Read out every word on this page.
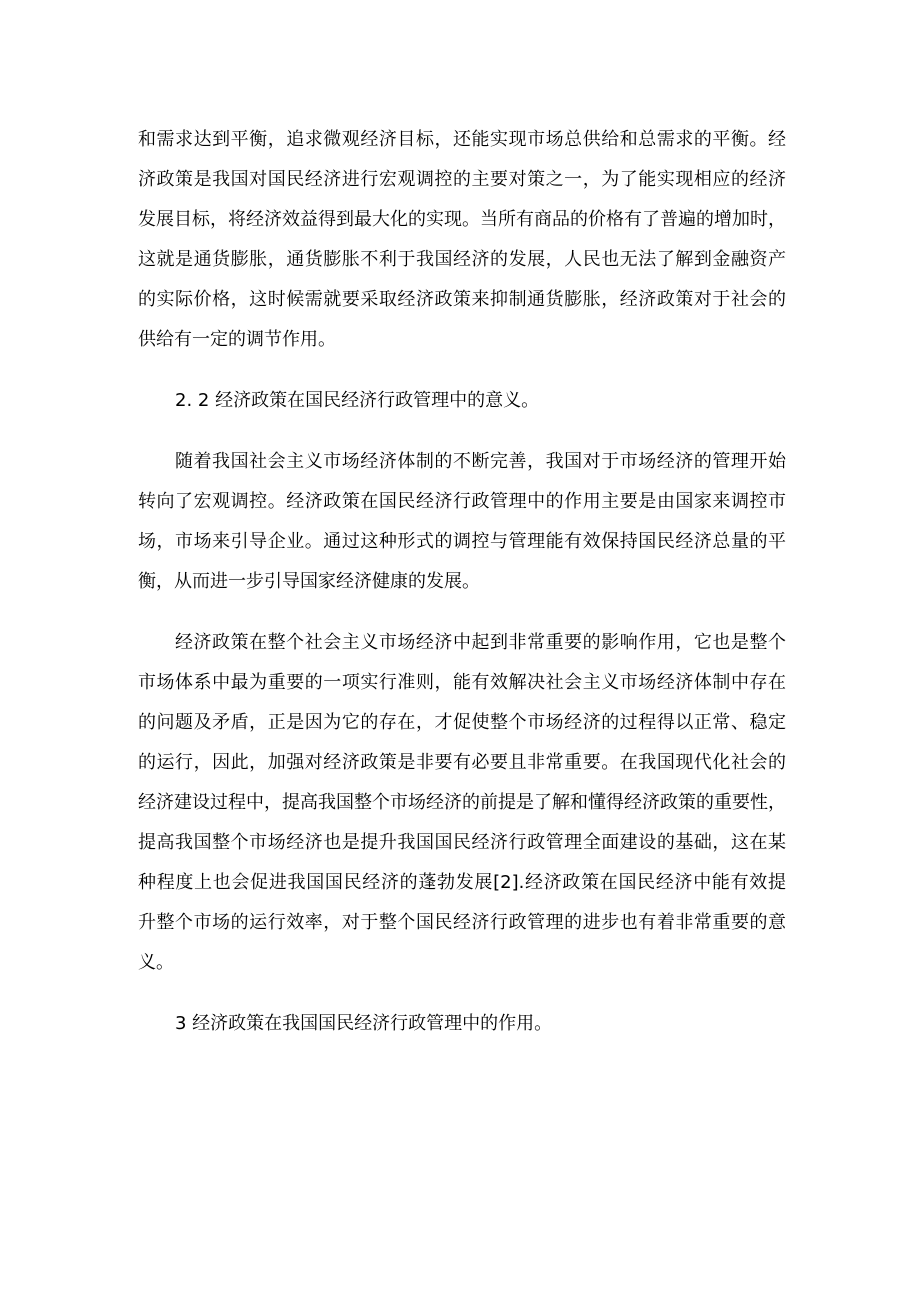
和需求达到平衡，追求微观经济目标，还能实现市场总供给和总需求的平衡。经
济政策是我国对国民经济进行宏观调控的主要对策之一，为了能实现相应的经济
发展目标，将经济效益得到最大化的实现。当所有商品的价格有了普遍的增加时，
这就是通货膨胀，通货膨胀不利于我国经济的发展，人民也无法了解到金融资产
的实际价格，这时候需就要采取经济政策来抑制通货膨胀，经济政策对于社会的
供给有一定的调节作用。
2. 2 经济政策在国民经济行政管理中的意义。
随着我国社会主义市场经济体制的不断完善，我国对于市场经济的管理开始
转向了宏观调控。经济政策在国民经济行政管理中的作用主要是由国家来调控市
场，市场来引导企业。通过这种形式的调控与管理能有效保持国民经济总量的平
衡，从而进一步引导国家经济健康的发展。
经济政策在整个社会主义市场经济中起到非常重要的影响作用，它也是整个
市场体系中最为重要的一项实行准则，能有效解决社会主义市场经济体制中存在
的问题及矛盾，正是因为它的存在，才促使整个市场经济的过程得以正常、稳定
的运行，因此，加强对经济政策是非要有必要且非常重要。在我国现代化社会的
经济建设过程中，提高我国整个市场经济的前提是了解和懂得经济政策的重要性，
提高我国整个市场经济也是提升我国国民经济行政管理全面建设的基础，这在某
种程度上也会促进我国国民经济的蓬勃发展[2].经济政策在国民经济中能有效提
升整个市场的运行效率，对于整个国民经济行政管理的进步也有着非常重要的意
义。
3 经济政策在我国国民经济行政管理中的作用。
